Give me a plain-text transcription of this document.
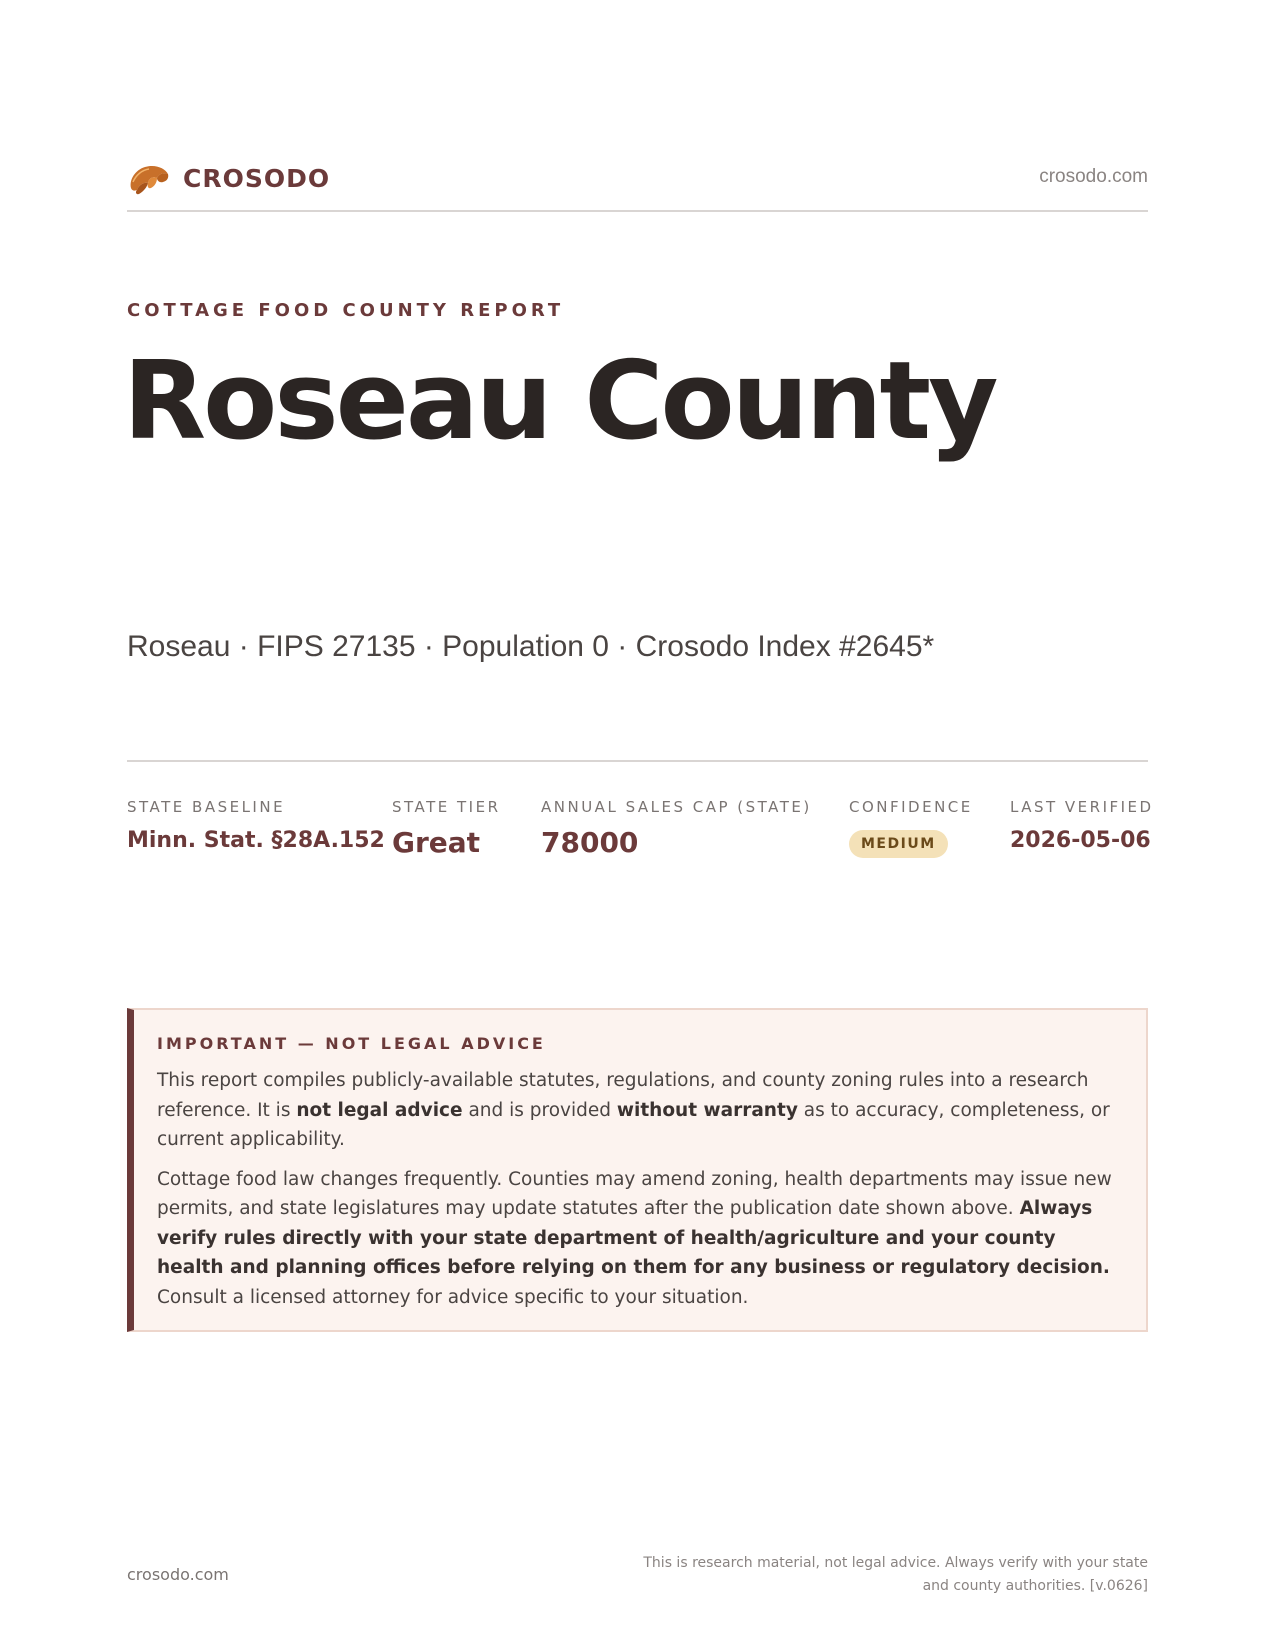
CROSODO	crosodo.com
COTTAGE FOOD COUNTY REPORT
Roseau County
Roseau · FIPS 27135 · Population 0 · Crosodo Index #2645*
STATE BASELINE
Minn. Stat. §28A.152
STATE TIER
Great
ANNUAL SALES CAP (STATE)
78000
CONFIDENCE
MEDIUM
LAST VERIFIED
2026-05-06
IMPORTANT — NOT LEGAL ADVICE

This report compiles publicly-available statutes, regulations, and county zoning rules into a research reference. It is not legal advice and is provided without warranty as to accuracy, completeness, or current applicability.

Cottage food law changes frequently. Counties may amend zoning, health departments may issue new permits, and state legislatures may update statutes after the publication date shown above. Always verify rules directly with your state department of health/agriculture and your county health and planning offices before relying on them for any business or regulatory decision. Consult a licensed attorney for advice specific to your situation.

crosodo.com
This is research material, not legal advice. Always verify with your state
and county authorities. [v.0626]
